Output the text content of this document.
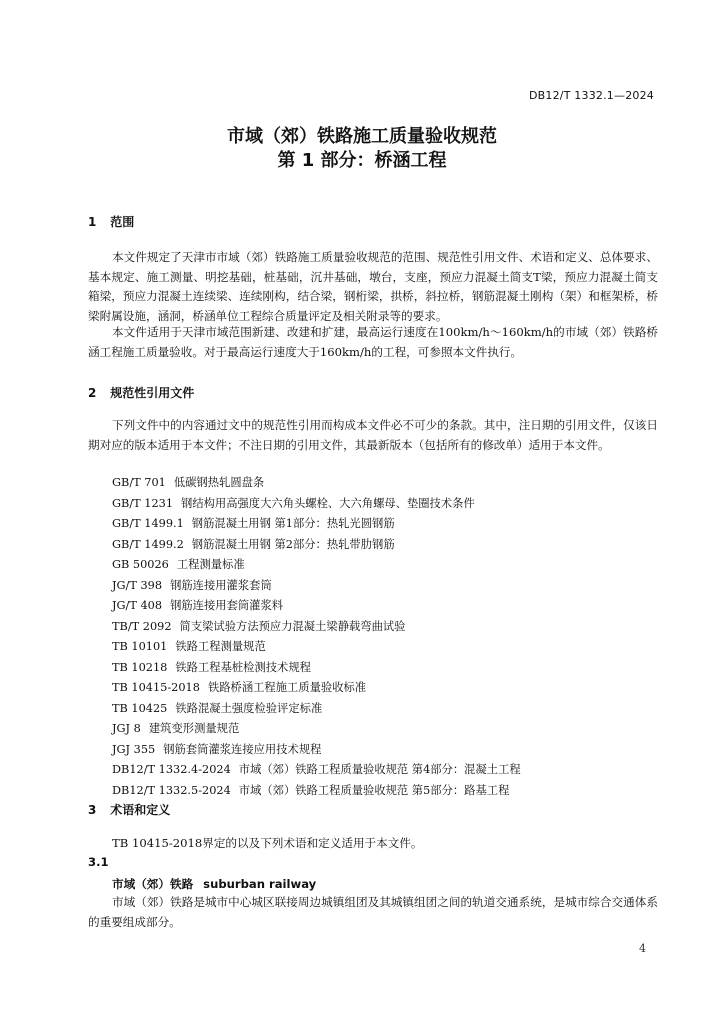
DB12/T 1332.1—2024
市域（郊）铁路施工质量验收规范
第 1 部分：桥涵工程
1 范围
本文件规定了天津市市域（郊）铁路施工质量验收规范的范围、规范性引用文件、术语和定义、总体要求、基本规定、施工测量、明挖基础，桩基础，沉井基础，墩台，支座，预应力混凝土简支T梁，预应力混凝土简支箱梁，预应力混凝土连续梁、连续刚构，结合梁，钢桁梁，拱桥，斜拉桥，钢筋混凝土刚构（架）和框架桥，桥梁附属设施，涵洞，桥涵单位工程综合质量评定及相关附录等的要求。
本文件适用于天津市域范围新建、改建和扩建，最高运行速度在100km/h～160km/h的市域（郊）铁路桥涵工程施工质量验收。对于最高运行速度大于160km/h的工程，可参照本文件执行。
2 规范性引用文件
下列文件中的内容通过文中的规范性引用而构成本文件必不可少的条款。其中，注日期的引用文件，仅该日期对应的版本适用于本文件；不注日期的引用文件，其最新版本（包括所有的修改单）适用于本文件。
GB/T 701 低碳钢热轧圆盘条
GB/T 1231 钢结构用高强度大六角头螺栓、大六角螺母、垫圈技术条件
GB/T 1499.1 钢筋混凝土用钢 第1部分：热轧光圆钢筋
GB/T 1499.2 钢筋混凝土用钢 第2部分：热轧带肋钢筋
GB 50026 工程测量标准
JG/T 398 钢筋连接用灌浆套筒
JG/T 408 钢筋连接用套筒灌浆料
TB/T 2092 简支梁试验方法预应力混凝土梁静载弯曲试验
TB 10101 铁路工程测量规范
TB 10218 铁路工程基桩检测技术规程
TB 10415-2018 铁路桥涵工程施工质量验收标准
TB 10425 铁路混凝土强度检验评定标准
JGJ 8 建筑变形测量规范
JGJ 355 钢筋套筒灌浆连接应用技术规程
DB12/T 1332.4-2024 市域（郊）铁路工程质量验收规范 第4部分：混凝土工程
DB12/T 1332.5-2024 市域（郊）铁路工程质量验收规范 第5部分：路基工程
3 术语和定义
TB 10415-2018界定的以及下列术语和定义适用于本文件。
3.1
市域（郊）铁路 suburban railway
市域（郊）铁路是城市中心城区联接周边城镇组团及其城镇组团之间的轨道交通系统，是城市综合交通体系的重要组成部分。
4
